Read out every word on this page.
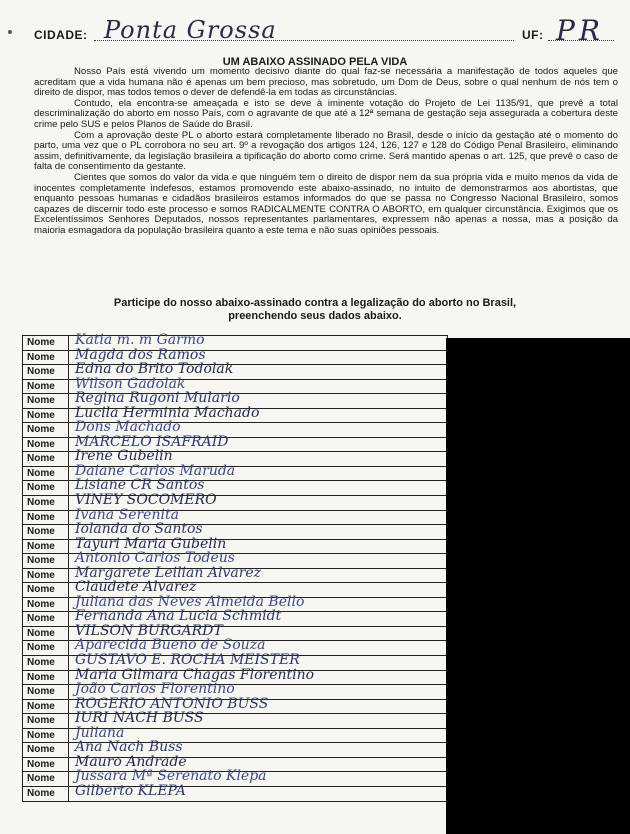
CIDADE: Ponta Grossa	UF: PR
UM ABAIXO ASSINADO PELA VIDA

Nosso País está vivendo um momento decisivo diante do qual faz-se necessária a manifestação de todos aqueles que acreditam que a vida humana não é apenas um bem precioso, mas sobretudo, um Dom de Deus, sobre o qual nenhum de nós tem o direito de dispor, mas todos temos o dever de defendê-la em todas as circunstâncias.

Contudo, ela encontra-se ameaçada e isto se deve à iminente votação do Projeto de Lei 1135/91, que prevê a total descriminalização do aborto em nosso País, com o agravante de que até a 12ª semana de gestação seja assegurada a cobertura deste crime pelo SUS e pelos Planos de Saúde do Brasil.

Com a aprovação deste PL o aborto estará completamente liberado no Brasil, desde o início da gestação até o momento do parto, uma vez que o PL corrobora no seu art. 9º a revogação dos artigos 124, 126, 127 e 128 do Código Penal Brasileiro, eliminando assim, definitivamente, da legislação brasileira a tipificação do aborto como crime. Será mantido apenas o art. 125, que prevê o caso de falta de consentimento da gestante.

Cientes que somos do valor da vida e que ninguém tem o direito de dispor nem da sua própria vida e muito menos da vida de inocentes completamente indefesos, estamos promovendo este abaixo-assinado, no intuito de demonstrarmos aos abortistas, que enquanto pessoas humanas e cidadãos brasileiros estamos informados do que se passa no Congresso Nacional Brasileiro, somos capazes de discernir todo este processo e somos RADICALMENTE CONTRA O ABORTO, em qualquer circunstância. Exigimos que os Excelentíssimos Senhores Deputados, nossos representantes parlamentares, expressem não apenas a nossa, mas a posição da maioria esmagadora da população brasileira quanto a este tema e não suas opiniões pessoais.

Participe do nosso abaixo-assinado contra a legalização do aborto no Brasil,
preenchendo seus dados abaixo.
Nome	Katia m. m Garmo
Nome	Magda dos Ramos
Nome	Edna do Brito Todolak
Nome	Wilson Gadolak
Nome	Regina Rugoni Mulario
Nome	Lucila Herminia Machado
Nome	Dons Machado
Nome	MARCELO ISAFRAID
Nome	Irene Gubelin
Nome	Daiane Carlos Maruda
Nome	Lisiane CR Santos
Nome	VINEY SOCOMERO
Nome	Ivana Serenita
Nome	Iolanda do Santos
Nome	Tayuri Maria Gubelin
Nome	Antonio Carlos Todeus
Nome	Margarete Leilian Alvarez
Nome	Claudete Alvarez
Nome	Juliana das Neves Almeida Bello
Nome	Fernanda Ana Lucia Schmidt
Nome	VILSON BURGARDT
Nome	Aparecida Bueno de Souza
Nome	GUSTAVO E. ROCHA MEISTER
Nome	Maria Gilmara Chagas Florentino
Nome	João Carlos Florentino
Nome	ROGERIO ANTONIO BUSS
Nome	IURI NACH BUSS
Nome	Juliana
Nome	Ana Nach Buss
Nome	Mauro Andrade
Nome	Jussara Mª Serenato Klepa
Nome	Gilberto KLEPA
